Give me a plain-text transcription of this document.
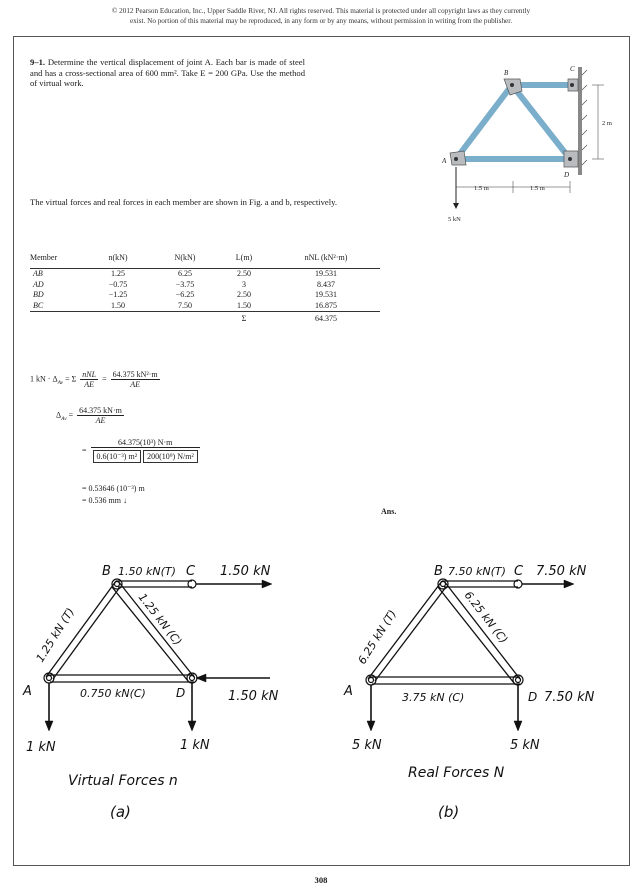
© 2012 Pearson Education, Inc., Upper Saddle River, NJ. All rights reserved. This material is protected under all copyright laws as they currently
exist. No portion of this material may be reproduced, in any form or by any means, without permission in writing from the publisher.
9–1. Determine the vertical displacement of joint A. Each bar is made of steel and has a cross-sectional area of 600 mm². Take E = 200 GPa. Use the method of virtual work.
B	C
A
D
1.5 m	1.5 m
2 m
5 kN
The virtual forces and real forces in each member are shown in Fig. a and b, respectively.
Member	n(kN)	N(kN)	L(m)	nNL (kN²·m)
AB	1.25	6.25	2.50	19.531
AD	−0.75	−3.75	3	8.437
BD	−1.25	−6.25	2.50	19.531
BC	1.50	7.50	1.50	16.875
			Σ	64.375
1 kN · $\Delta_{Av} = \Sigma \frac{\text{nNL}}{AE} = \frac{\text{64.375 kN²·m}}{AE}$
$\Delta_{Av} = \frac{64.375 kN\cdot m}{AE}$
= $\frac{\text{64.375(10³) N·m}}{\text{0.6(10⁻³) m² 200(10⁹) N/m²}}$
= 0.53646 (10⁻³) m
= 0.536 mm ↓
Ans.
B 1.50 kN(T) C 1.50 kN
1.25 kN (T)	1.25 kN (C)
A	0.750 kN(C)	D	1.50 kN
1 kN	1 kN
Virtual Forces n
(a)
B 7.50 kN(T) C 7.50 kN
6.25 kN (T)	6.25 kN (C)
A	3.75 kN (C)	D 7.50 kN
5 kN	5 kN
Real Forces N
(b)
308
